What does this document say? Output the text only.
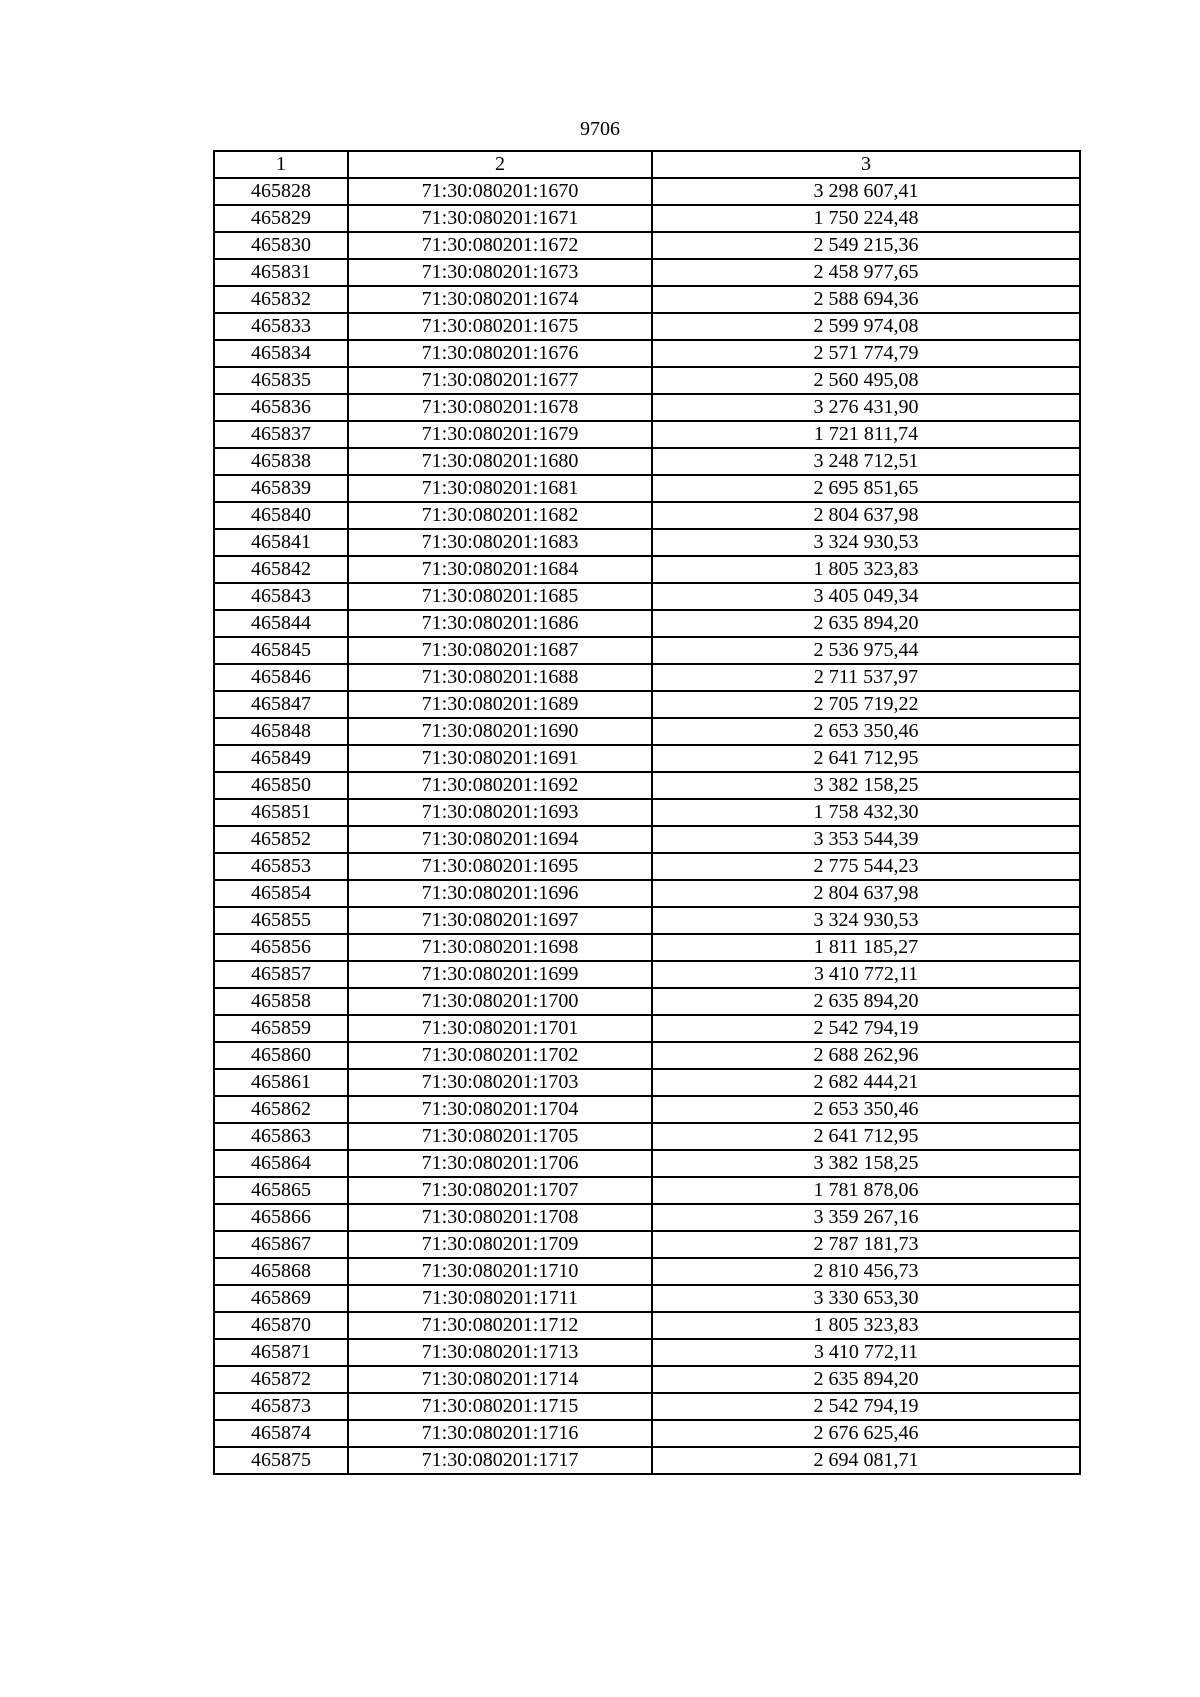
9706
1	2	3
465828	71:30:080201:1670	3 298 607,41
465829	71:30:080201:1671	1 750 224,48
465830	71:30:080201:1672	2 549 215,36
465831	71:30:080201:1673	2 458 977,65
465832	71:30:080201:1674	2 588 694,36
465833	71:30:080201:1675	2 599 974,08
465834	71:30:080201:1676	2 571 774,79
465835	71:30:080201:1677	2 560 495,08
465836	71:30:080201:1678	3 276 431,90
465837	71:30:080201:1679	1 721 811,74
465838	71:30:080201:1680	3 248 712,51
465839	71:30:080201:1681	2 695 851,65
465840	71:30:080201:1682	2 804 637,98
465841	71:30:080201:1683	3 324 930,53
465842	71:30:080201:1684	1 805 323,83
465843	71:30:080201:1685	3 405 049,34
465844	71:30:080201:1686	2 635 894,20
465845	71:30:080201:1687	2 536 975,44
465846	71:30:080201:1688	2 711 537,97
465847	71:30:080201:1689	2 705 719,22
465848	71:30:080201:1690	2 653 350,46
465849	71:30:080201:1691	2 641 712,95
465850	71:30:080201:1692	3 382 158,25
465851	71:30:080201:1693	1 758 432,30
465852	71:30:080201:1694	3 353 544,39
465853	71:30:080201:1695	2 775 544,23
465854	71:30:080201:1696	2 804 637,98
465855	71:30:080201:1697	3 324 930,53
465856	71:30:080201:1698	1 811 185,27
465857	71:30:080201:1699	3 410 772,11
465858	71:30:080201:1700	2 635 894,20
465859	71:30:080201:1701	2 542 794,19
465860	71:30:080201:1702	2 688 262,96
465861	71:30:080201:1703	2 682 444,21
465862	71:30:080201:1704	2 653 350,46
465863	71:30:080201:1705	2 641 712,95
465864	71:30:080201:1706	3 382 158,25
465865	71:30:080201:1707	1 781 878,06
465866	71:30:080201:1708	3 359 267,16
465867	71:30:080201:1709	2 787 181,73
465868	71:30:080201:1710	2 810 456,73
465869	71:30:080201:1711	3 330 653,30
465870	71:30:080201:1712	1 805 323,83
465871	71:30:080201:1713	3 410 772,11
465872	71:30:080201:1714	2 635 894,20
465873	71:30:080201:1715	2 542 794,19
465874	71:30:080201:1716	2 676 625,46
465875	71:30:080201:1717	2 694 081,71
